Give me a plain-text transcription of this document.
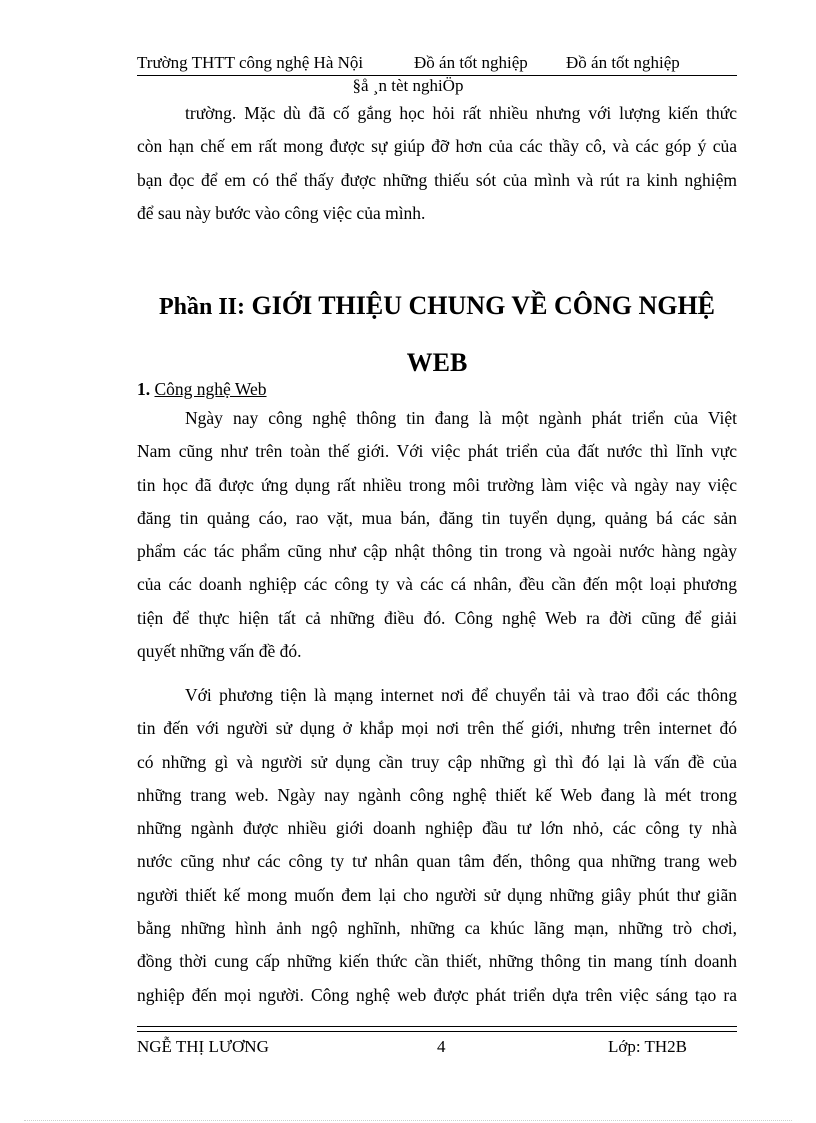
Trường THTT công nghệ Hà Nội	Đồ án tốt nghiệp Đồ án tốt nghiệp
§å ¸n tèt nghiÖp
trường. Mặc dù đã cố gắng học hỏi rất nhiều nhưng với lượng kiến thức
còn hạn chế em rất mong được sự giúp đỡ hơn của các thầy cô, và các góp ý của
bạn đọc để em có thể thấy được những thiếu sót của mình và rút ra kinh nghiệm
để sau này bước vào công việc của mình.
Phần II: GIỚI THIỆU CHUNG VỀ CÔNG NGHỆ
WEB
1. Công nghệ Web
Ngày nay công nghệ thông tin đang là một ngành phát triển của Việt
Nam cũng như trên toàn thế giới. Với việc phát triển của đất nước thì lĩnh vực
tin học đã được ứng dụng rất nhiều trong môi trường làm việc và ngày nay việc
đăng tin quảng cáo, rao vặt, mua bán, đăng tin tuyển dụng, quảng bá các sản
phẩm các tác phẩm cũng như cập nhật thông tin trong và ngoài nước hàng ngày
của các doanh nghiệp các công ty và các cá nhân, đều cần đến một loại phương
tiện để thực hiện tất cả những điều đó. Công nghệ Web ra đời cũng để giải
quyết những vấn đề đó.
Với phương tiện là mạng internet nơi để chuyển tải và trao đổi các thông
tin đến với người sử dụng ở khắp mọi nơi trên thế giới, nhưng trên internet đó
có những gì và người sử dụng cần truy cập những gì thì đó lại là vấn đề của
những trang web. Ngày nay ngành công nghệ thiết kế Web đang là mét trong
những ngành được nhiều giới doanh nghiệp đầu tư lớn nhỏ, các công ty nhà
nước cũng như các công ty tư nhân quan tâm đến, thông qua những trang web
người thiết kế mong muốn đem lại cho người sử dụng những giây phút thư giãn
bằng những hình ảnh ngộ nghĩnh, những ca khúc lãng mạn, những trò chơi,
đồng thời cung cấp những kiến thức cần thiết, những thông tin mang tính doanh
nghiệp đến mọi người. Công nghệ web được phát triển dựa trên việc sáng tạo ra
NGỄ THỊ LƯƠNG	4	Lớp: TH2B
